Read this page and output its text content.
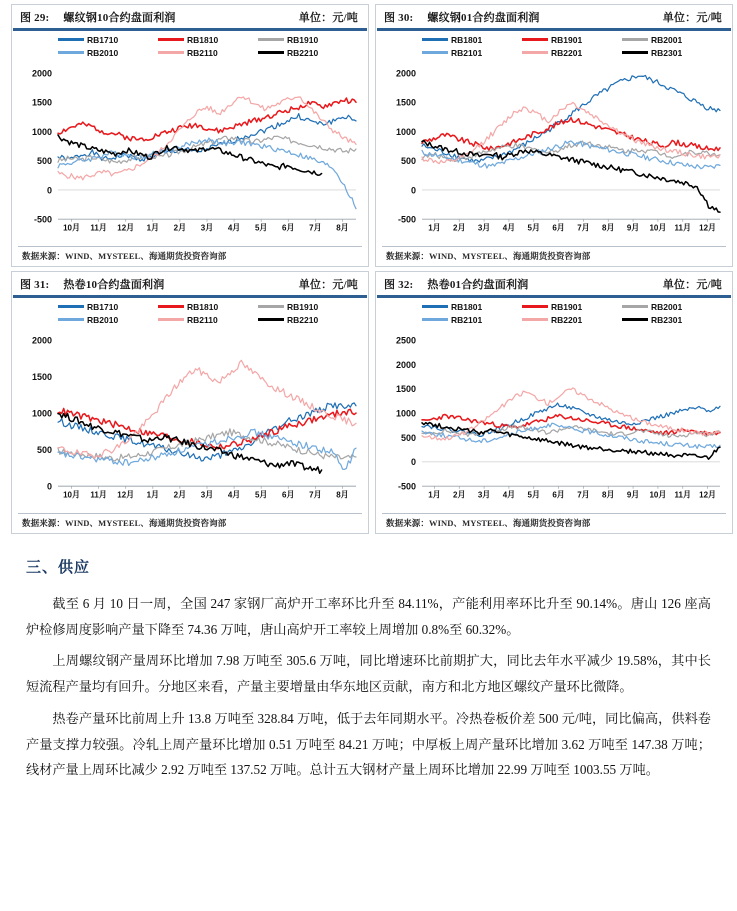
图 29: 螺纹钢10合约盘面利润	单位：元/吨
2000
1500
1000
500
0
-500
10月 11月 12月 1月 2月 3月 4月 5月 6月 7月 8月
RB1710	RB1810	RB1910
RB2010	RB2110	RB2210
数据来源：WIND、MYSTEEL、海通期货投资咨询部
图 30: 螺纹钢01合约盘面利润	单位：元/吨
2000
1500
1000
500
0
-500
1月 2月 3月 4月 5月 6月 7月 8月 9月 10月 11月 12月
RB1801	RB1901	RB2001
RB2101	RB2201	RB2301
数据来源：WIND、MYSTEEL、海通期货投资咨询部
图 31: 热卷10合约盘面利润	单位：元/吨
2000
1500
1000
500
0
10月 11月 12月 1月 2月 3月 4月 5月 6月 7月 8月
RB1710	RB1810	RB1910
RB2010	RB2110	RB2210
数据来源：WIND、MYSTEEL、海通期货投资咨询部
图 32: 热卷01合约盘面利润	单位：元/吨
2500
2000
1500
1000
500
0
-500
1月 2月 3月 4月 5月 6月 7月 8月 9月 10月 11月 12月
RB1801	RB1901	RB2001
RB2101	RB2201	RB2301
数据来源：WIND、MYSTEEL、海通期货投资咨询部
三、供应

截至 6 月 10 日一周，全国 247 家钢厂高炉开工率环比升至 84.11%，产能利用率环比升至 90.14%。唐山 126 座高炉检修周度影响产量下降至 74.36 万吨，唐山高炉开工率较上周增加 0.8%至 60.32%。

上周螺纹钢产量周环比增加 7.98 万吨至 305.6 万吨，同比增速环比前期扩大，同比去年水平减少 19.58%，其中长短流程产量均有回升。分地区来看，产量主要增量由华东地区贡献，南方和北方地区螺纹产量环比微降。

热卷产量环比前周上升 13.8 万吨至 328.84 万吨，低于去年同期水平。冷热卷板价差 500 元/吨，同比偏高，供料卷产量支撑力较强。冷轧上周产量环比增加 0.51 万吨至 84.21 万吨；中厚板上周产量环比增加 3.62 万吨至 147.38 万吨；线材产量上周环比减少 2.92 万吨至 137.52 万吨。总计五大钢材产量上周环比增加 22.99 万吨至 1003.55 万吨。
